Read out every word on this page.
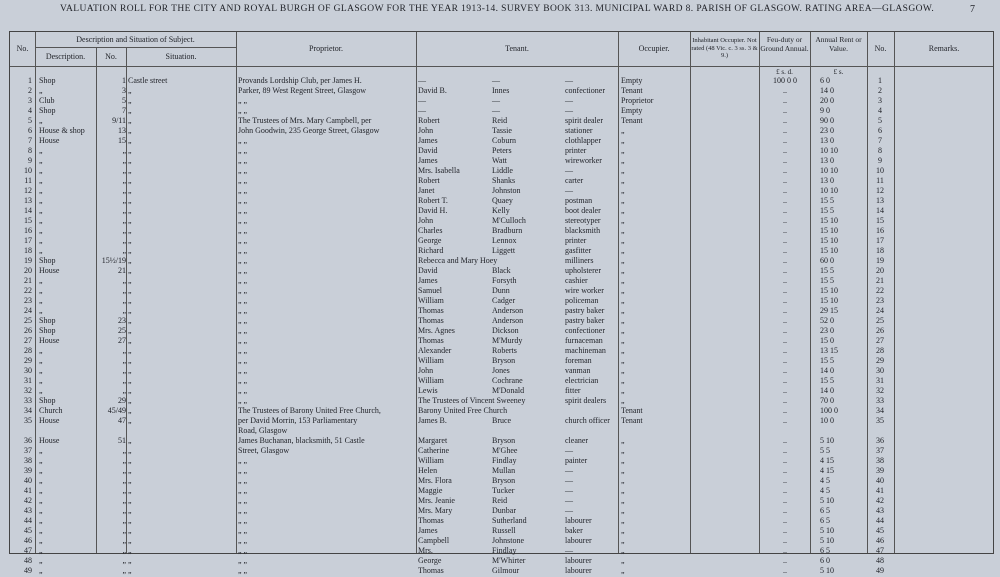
VALUATION ROLL FOR THE CITY AND ROYAL BURGH OF GLASGOW FOR THE YEAR 1913-14. SURVEY BOOK 313. MUNICIPAL WARD 8. PARISH OF GLASGOW. RATING AREA—GLASGOW.	7
No.
Description and Situation of Subject.
Description.	No.	Situation.
Proprietor.	Tenant.	Occupier.
Inhabitant Occupier. Not rated (48 Vic. c. 3 ss. 3 & 9.)
Feu-duty or Ground Annual.
Annual Rent or Value.	No.	Remarks.
£ s. d.	£ s.
1 Shop	1 Castle street	Provands Lordship Club, per James H.	—	—	—	Empty	100 0 0	6 0	1
2 „	3 „	Parker, 89 West Regent Street, Glasgow	David B.	Innes	confectioner	Tenant	..	14 0	2
3 Club	5 „	„ „	—	—	—	Proprietor	..	20 0	3
4 Shop	7 „	„ „	—	—	—	Empty	..	9 0	4
5 „	9/11 „	The Trustees of Mrs. Mary Campbell, per	Robert	Reid	spirit dealer	Tenant	..	90 0	5
6 House & shop	13 „	John Goodwin, 235 George Street, Glasgow	John	Tassie	stationer	„	..	23 0	6
7 House	15 „	„ „	James	Coburn	clothlapper	„	..	13 0	7
8 „	„ „	„ „	David	Peters	printer	„	..	10 10	8
9 „	„ „	„ „	James	Watt	wireworker	„	..	13 0	9
10 „	„ „	„ „	Mrs. Isabella	Liddle	—	„	..	10 10	10
11 „	„ „	„ „	Robert	Shanks	carter	„	..	13 0	11
12 „	„ „	„ „	Janet	Johnston	—	„	..	10 10	12
13 „	„ „	„ „	Robert T.	Quaey	postman	„	..	15 5	13
14 „	„ „	„ „	David H.	Kelly	boot dealer	„	..	15 5	14
15 „	„ „	„ „	John	M'Culloch	stereotyper	„	..	15 10	15
16 „	„ „	„ „	Charles	Bradburn	blacksmith	„	..	15 10	16
17 „	„ „	„ „	George	Lennox	printer	„	..	15 10	17
18 „	„ „	„ „	Richard	Liggett	gasfitter	„	..	15 10	18
19 Shop	15½/19 „	„ „	Rebecca and Mary Hoey	milliners	„	..	60 0	19
20 House	21 „	„ „	David	Black	upholsterer	„	..	15 5	20
21 „	„ „	„ „	James	Forsyth	cashier	„	..	15 5	21
22 „	„ „	„ „	Samuel	Dunn	wire worker	„	..	15 10	22
23 „	„ „	„ „	William	Cadger	policeman	„	..	15 10	23
24 „	„ „	„ „	Thomas	Anderson	pastry baker	„	..	29 15	24
25 Shop	23 „	„ „	Thomas	Anderson	pastry baker	„	..	52 0	25
26 Shop	25 „	„ „	Mrs. Agnes	Dickson	confectioner	„	..	23 0	26
27 House	27 „	„ „	Thomas	M'Murdy	furnaceman	„	..	15 0	27
28 „	„ „	„ „	Alexander	Roberts	machineman	„	..	13 15	28
29 „	„ „	„ „	William	Bryson	foreman	„	..	15 5	29
30 „	„ „	„ „	John	Jones	vanman	„	..	14 0	30
31 „	„ „	„ „	William	Cochrane	electrician	„	..	15 5	31
32 „	„ „	„ „	Lewis	M'Donald	fitter	„	..	14 0	32
33 Shop	29 „	„ „	The Trustees of Vincent Sweeney	spirit dealers	„	..	70 0	33
34 Church	45/49 „	The Trustees of Barony United Free Church,	Barony United Free Church	Tenant	..	100 0	34
35 House	47 „	per David Morrin, 153 Parliamentary	James B.	Bruce	church officer	Tenant	..	10 0	35
Road, Glasgow
36 House	51 „	James Buchanan, blacksmith, 51 Castle	Margaret	Bryson	cleaner	„	..	5 10	36
37 „	„ „	Street, Glasgow	Catherine	M'Ghee	—	„	..	5 5	37
38 „	„ „	„ „	William	Findlay	painter	„	..	4 15	38
39 „	„ „	„ „	Helen	Mullan	—	„	..	4 15	39
40 „	„ „	„ „	Mrs. Flora	Bryson	—	„	..	4 5	40
41 „	„ „	„ „	Maggie	Tucker	—	„	..	4 5	41
42 „	„ „	„ „	Mrs. Jeanie	Reid	—	„	..	5 10	42
43 „	„ „	„ „	Mrs. Mary	Dunbar	—	„	..	6 5	43
44 „	„ „	„ „	Thomas	Sutherland	labourer	„	..	6 5	44
45 „	„ „	„ „	James	Russell	baker	„	..	5 10	45
46 „	„ „	„ „	Campbell	Johnstone	labourer	„	..	5 10	46
47 „	„ „	„ „	Mrs.	Findlay	—	„	..	6 5	47
48 „	„ „	„ „	George	M'Whirter	labourer	„	..	6 0	48
49 „	„ „	„ „	Thomas	Gilmour	labourer	„	..	5 10	49
